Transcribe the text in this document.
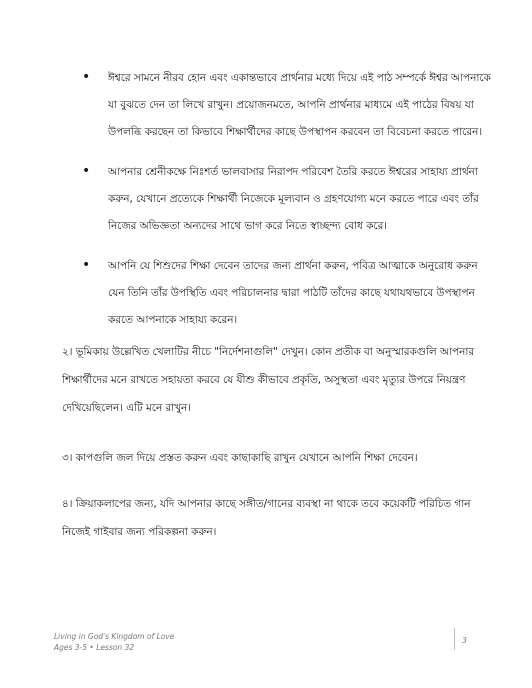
• ঈশ্বরে সামনে নীরব হোন এবং একান্তভাবে প্রার্থনার মধ্যে দিয়ে এই পাঠ সম্পর্কে ঈশ্বর আপনাকে
যা বুঝতে দেন তা লিখে রাখুন। প্রয়োজনমতে, আপনি প্রার্থনার মাধ্যমে এই পাঠের বিষয় যা
উপলব্ধি করছেন তা কিভাবে শিক্ষার্থীদের কাছে উপস্থাপন করবেন তা বিবেচনা করতে পারেন।
• আপনার শ্রেনীকক্ষে নিঃশর্ত ভালবাসার নিরাপদ পরিবেশ তৈরি করতে ঈশ্বরের সাহায্য প্রার্থনা
করুন, যেখানে প্রত্যেকে শিক্ষার্থী নিজেকে মূল্যবান ও গ্রহণযোগ্য মনে করতে পারে এবং তাঁর
নিজের অভিজ্ঞতা অন্যদের সাথে ভাগ করে নিতে স্বাচ্ছন্দ্য বোধ করে।
• আপনি যে শিশুদের শিক্ষা দেবেন তাদের জন্য প্রার্থনা করুন, পবিত্র আত্মাকে অনুরোধ করুন
যেন তিনি তাঁর উপস্থিতি এবং পরিচালনার দ্বারা পাঠটি তাঁদের কাছে যথাযথভাবে উপস্থাপন
করতে আপনাকে সাহায্য করেন।
২। ভূমিকায় উল্লেখিত খেলাটির নীচে "নির্দেশনাগুলি" দেখুন। কোন প্রতীক বা অনুস্মারকগুলি আপনার
শিক্ষার্থীদের মনে রাখতে সহায়তা করবে যে যীশু কীভাবে প্রকৃতি, অসুস্থতা এবং মৃত্যুর উপরে নিয়ন্ত্রণ
দেখিয়েছিলেন। এটি মনে রাখুন।
৩। কাপগুলি জল দিয়ে প্রস্তত করুন এবং কাছাকাছি রাখুন যেখানে আপনি শিক্ষা দেবেন।
৪। ক্রিয়াকলাপের জন্য, যদি আপনার কাছে সঙ্গীত/গানের ব্যবস্থা না থাকে তবে কয়েকটি পরিচিত গান
নিজেই গাইবার জন্য পরিকল্পনা করুন।
Living in God's Kingdom of Love
Ages 3-5 • Lesson 32
3
